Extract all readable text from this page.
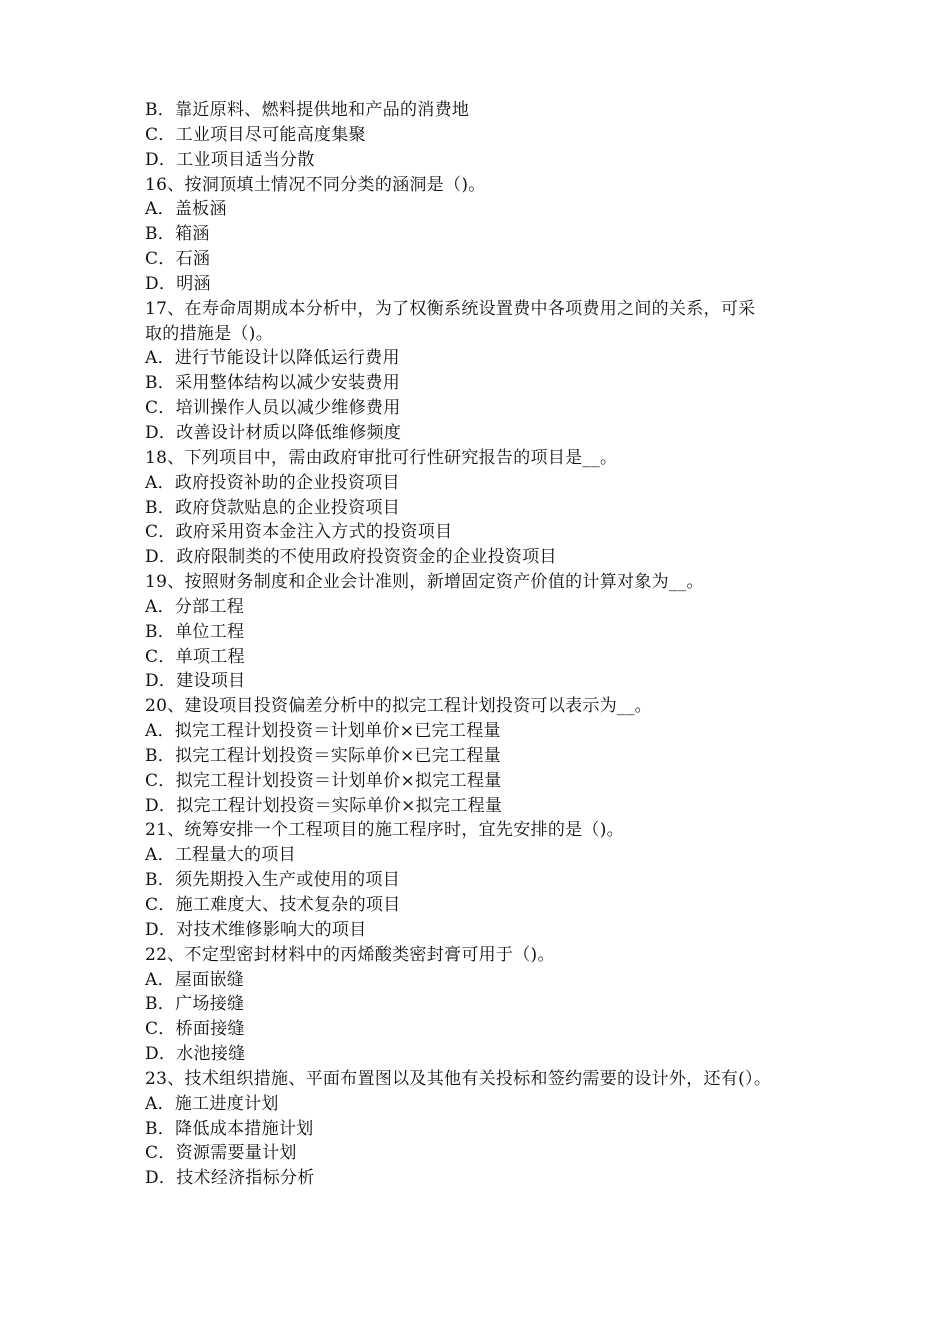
B．靠近原料、燃料提供地和产品的消费地
C．工业项目尽可能高度集聚
D．工业项目适当分散
16、按洞顶填土情况不同分类的涵洞是（)。
A．盖板涵
B．箱涵
C．石涵
D．明涵
17、在寿命周期成本分析中，为了权衡系统设置费中各项费用之间的关系，可采
取的措施是（)。
A．进行节能设计以降低运行费用
B．采用整体结构以减少安装费用
C．培训操作人员以减少维修费用
D．改善设计材质以降低维修频度
18、下列项目中，需由政府审批可行性研究报告的项目是__。
A．政府投资补助的企业投资项目
B．政府贷款贴息的企业投资项目
C．政府采用资本金注入方式的投资项目
D．政府限制类的不使用政府投资资金的企业投资项目
19、按照财务制度和企业会计准则，新增固定资产价值的计算对象为__。
A．分部工程
B．单位工程
C．单项工程
D．建设项目
20、建设项目投资偏差分析中的拟完工程计划投资可以表示为__。
A．拟完工程计划投资＝计划单价×已完工程量
B．拟完工程计划投资＝实际单价×已完工程量
C．拟完工程计划投资＝计划单价×拟完工程量
D．拟完工程计划投资＝实际单价×拟完工程量
21、统筹安排一个工程项目的施工程序时，宜先安排的是（)。
A．工程量大的项目
B．须先期投入生产或使用的项目
C．施工难度大、技术复杂的项目
D．对技术维修影响大的项目
22、不定型密封材料中的丙烯酸类密封膏可用于（)。
A．屋面嵌缝
B．广场接缝
C．桥面接缝
D．水池接缝
23、技术组织措施、平面布置图以及其他有关投标和签约需要的设计外，还有(）。
A．施工进度计划
B．降低成本措施计划
C．资源需要量计划
D．技术经济指标分析
